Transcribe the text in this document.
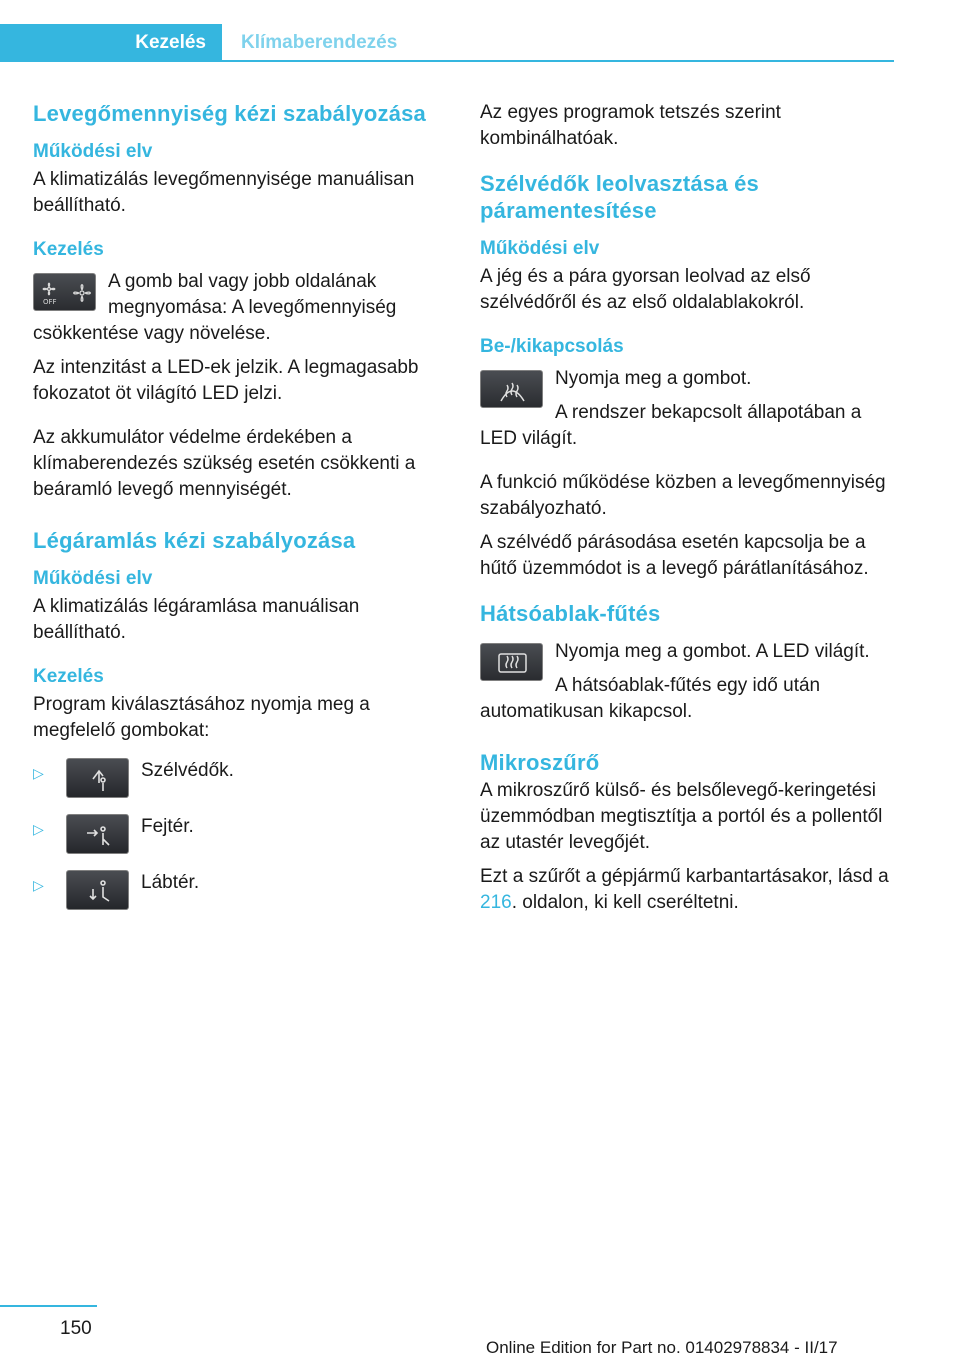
Kezelés	Klímaberendezés
Levegőmennyiség kézi szabályozása
Működési elv

A klimatizálás levegőmennyisége manuálisan beállítható.

Kezelés
OFF

A gomb bal vagy jobb oldalának megnyomása: A levegőmennyiség csökkentése vagy növelése.

Az intenzitást a LED-ek jelzik. A legmagasabb fokozatot öt világító LED jelzi.

Az akkumulátor védelme érdekében a klímaberendezés szükség esetén csökkenti a beáramló levegő mennyiségét.

Légáramlás kézi szabályozása
Működési elv

A klimatizálás légáramlása manuálisan beállítható.

Kezelés

Program kiválasztásához nyomja meg a megfelelő gombokat:

▷	Szélvédők.
▷	Fejtér.
▷	Lábtér.

Az egyes programok tetszés szerint kombinálhatóak.

Szélvédők leolvasztása és páramentesítése
Működési elv

A jég és a pára gyorsan leolvad az első szélvédőről és az első oldalablakokról.

Be-/kikapcsolás

Nyomja meg a gombot.

A rendszer bekapcsolt állapotában a LED világít.

A funkció működése közben a levegőmennyiség szabályozható.

A szélvédő párásodása esetén kapcsolja be a hűtő üzemmódot is a levegő párátlanításához.

Hátsóablak-fűtés

Nyomja meg a gombot. A LED világít.

A hátsóablak-fűtés egy idő után automatikusan kikapcsol.

Mikroszűrő

A mikroszűrő külső- és belsőlevegő-keringetési üzemmódban megtisztítja a portól és a pollentől az utastér levegőjét.

Ezt a szűrőt a gépjármű karbantartásakor, lásd a 216. oldalon, ki kell cseréltetni.

150
Online Edition for Part no. 01402978834 - II/17
